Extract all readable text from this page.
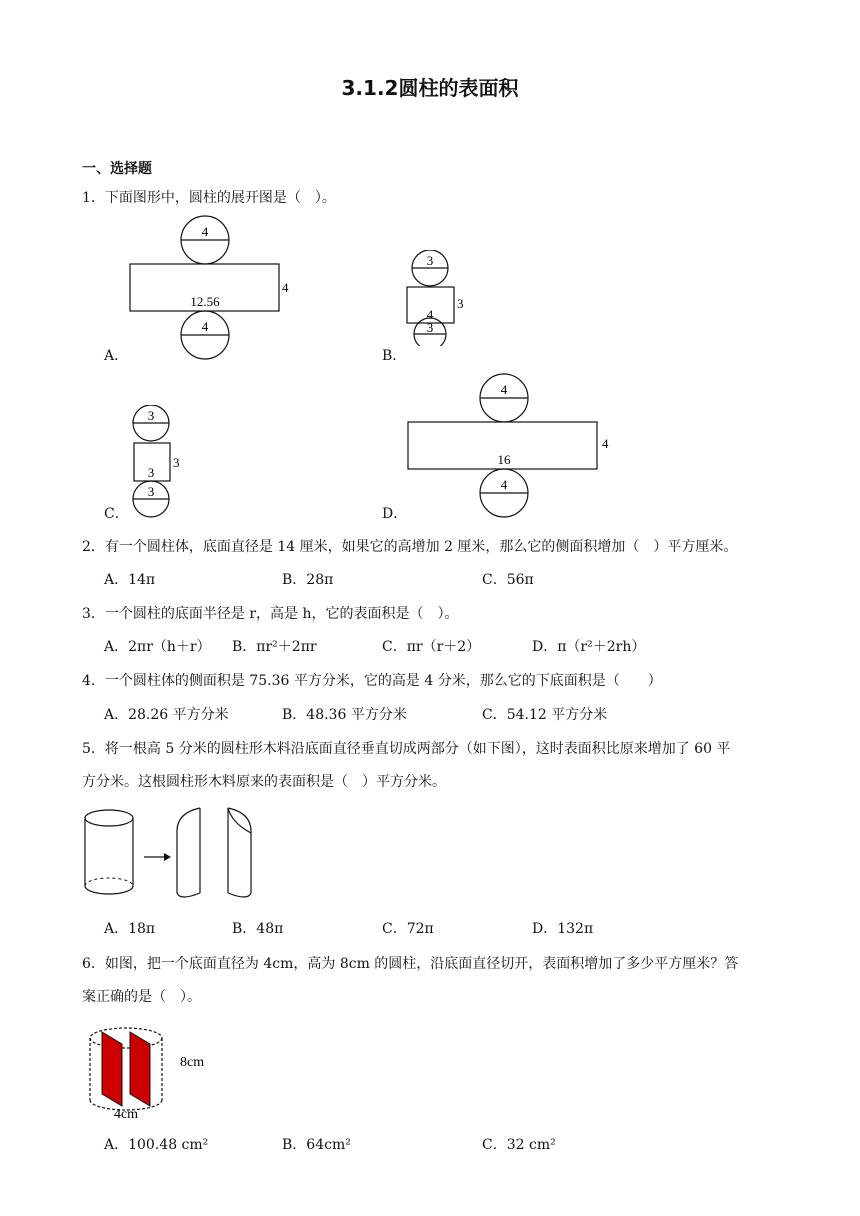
3.1.2圆柱的表面积
一、选择题
1．下面图形中，圆柱的展开图是（　）。
4
12.56
4
4
A．
3
4
3
3
B．
3
3
3
3
C．
4
16
4
4
D．
2．有一个圆柱体，底面直径是 14 厘米，如果它的高增加 2 厘米，那么它的侧面积增加（　）平方厘米。
A．14π	B．28π	C．56π
3．一个圆柱的底面半径是 r，高是 h，它的表面积是（　）。
A．2πr（h＋r） B．πr²＋2πr	C．πr（r＋2）	D．π（r²＋2rh）
4．一个圆柱体的侧面积是 75.36 平方分米，它的高是 4 分米，那么它的下底面积是（　　）
A．28.26 平方分米	B．48.36 平方分米	C．54.12 平方分米
5．将一根高 5 分米的圆柱形木料沿底面直径垂直切成两部分（如下图），这时表面积比原来增加了 60 平
方分米。这根圆柱形木料原来的表面积是（　）平方分米。
A．18π	B．48π	C．72π	D．132π
6．如图，把一个底面直径为 4cm，高为 8cm 的圆柱，沿底面直径切开，表面积增加了多少平方厘米？答
案正确的是（　）。
8cm
4cm
A．100.48 cm²	B．64cm²	C．32 cm²
